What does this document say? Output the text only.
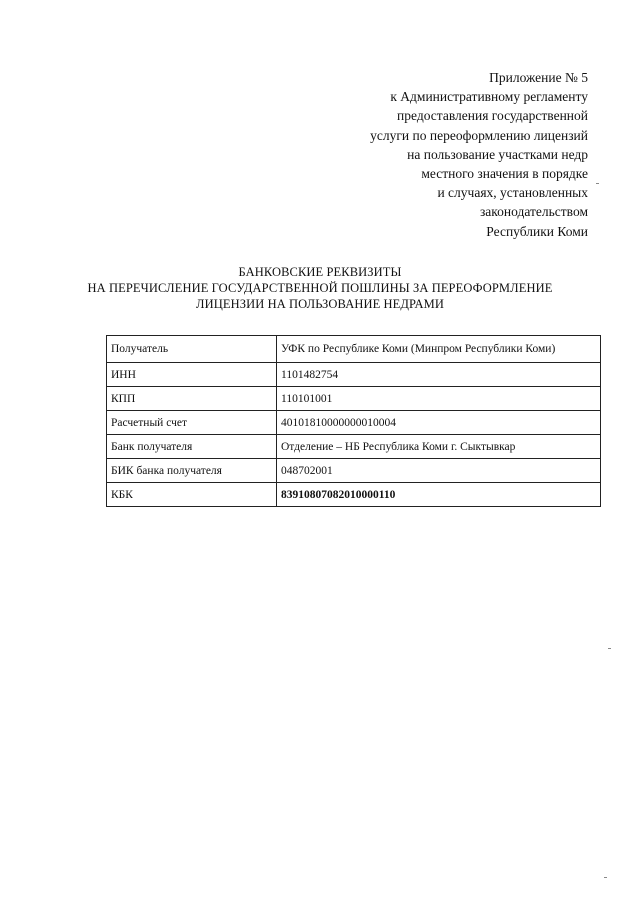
Приложение № 5
к Административному регламенту
предоставления государственной
услуги по переоформлению лицензий
на пользование участками недр
местного значения в порядке
и случаях, установленных
законодательством
Республики Коми
БАНКОВСКИЕ РЕКВИЗИТЫ
НА ПЕРЕЧИСЛЕНИЕ ГОСУДАРСТВЕННОЙ ПОШЛИНЫ ЗА ПЕРЕОФОРМЛЕНИЕ
ЛИЦЕНЗИИ НА ПОЛЬЗОВАНИЕ НЕДРАМИ
Получатель	УФК по Республике Коми (Минпром Республики Коми)
ИНН	1101482754
КПП	110101001
Расчетный счет	40101810000000010004
Банк получателя	Отделение – НБ Республика Коми г. Сыктывкар
БИК банка получателя	048702001
КБК	83910807082010000110
